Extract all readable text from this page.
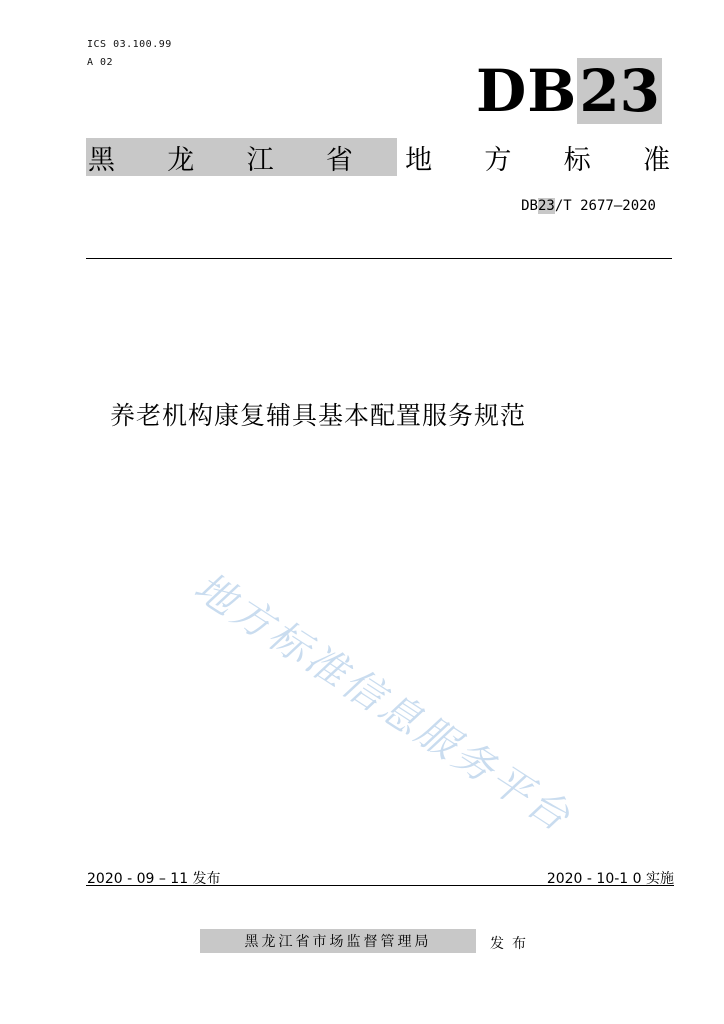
ICS 03.100.99
A 02	DB 23
黑 龙 江 省 地 方 标 准
DB23/T 2677—2020
养老机构康复辅具基本配置服务规范
地方标准信息服务平台
2020 - 09 – 11 发布	2020 - 10-1 0 实施
黑龙江省市场监督管理局	发布
